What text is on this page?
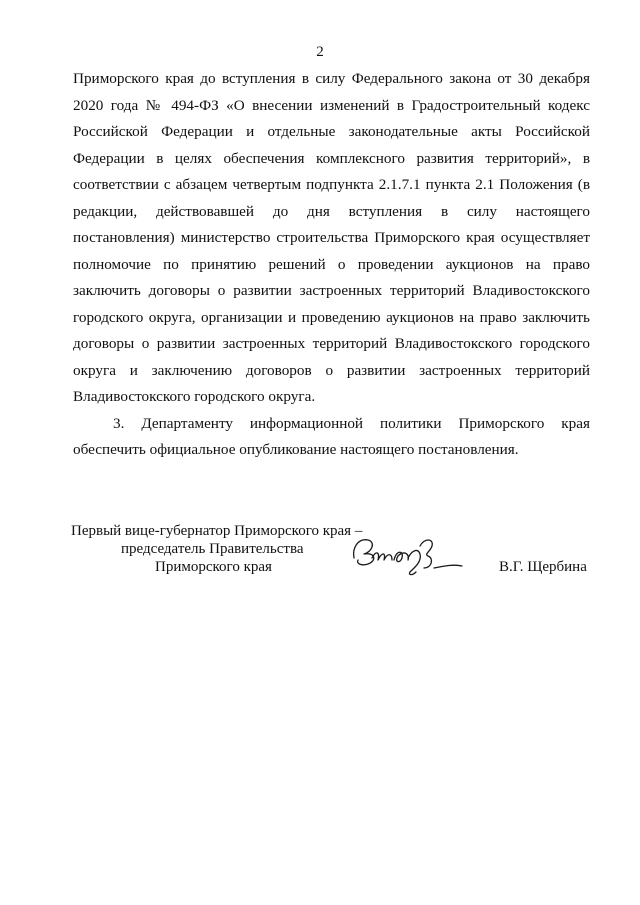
2

Приморского края до вступления в силу Федерального закона от 30 декабря 2020 года № 494-ФЗ «О внесении изменений в Градостроительный кодекс Российской Федерации и отдельные законодательные акты Российской Федерации в целях обеспечения комплексного развития территорий», в соответствии с абзацем четвертым подпункта 2.1.7.1 пункта 2.1 Положения (в редакции, действовавшей до дня вступления в силу настоящего постановления) министерство строительства Приморского края осуществляет полномочие по принятию решений о проведении аукционов на право заключить договоры о развитии застроенных территорий Владивостокского городского округа, организации и проведению аукционов на право заключить договоры о развитии застроенных территорий Владивостокского городского округа и заключению договоров о развитии застроенных территорий Владивостокского городского округа.

3. Департаменту информационной политики Приморского края обеспечить официальное опубликование настоящего постановления.

Первый вице-губернатор Приморского края –
председатель Правительства
Приморского края	В.Г. Щербина
